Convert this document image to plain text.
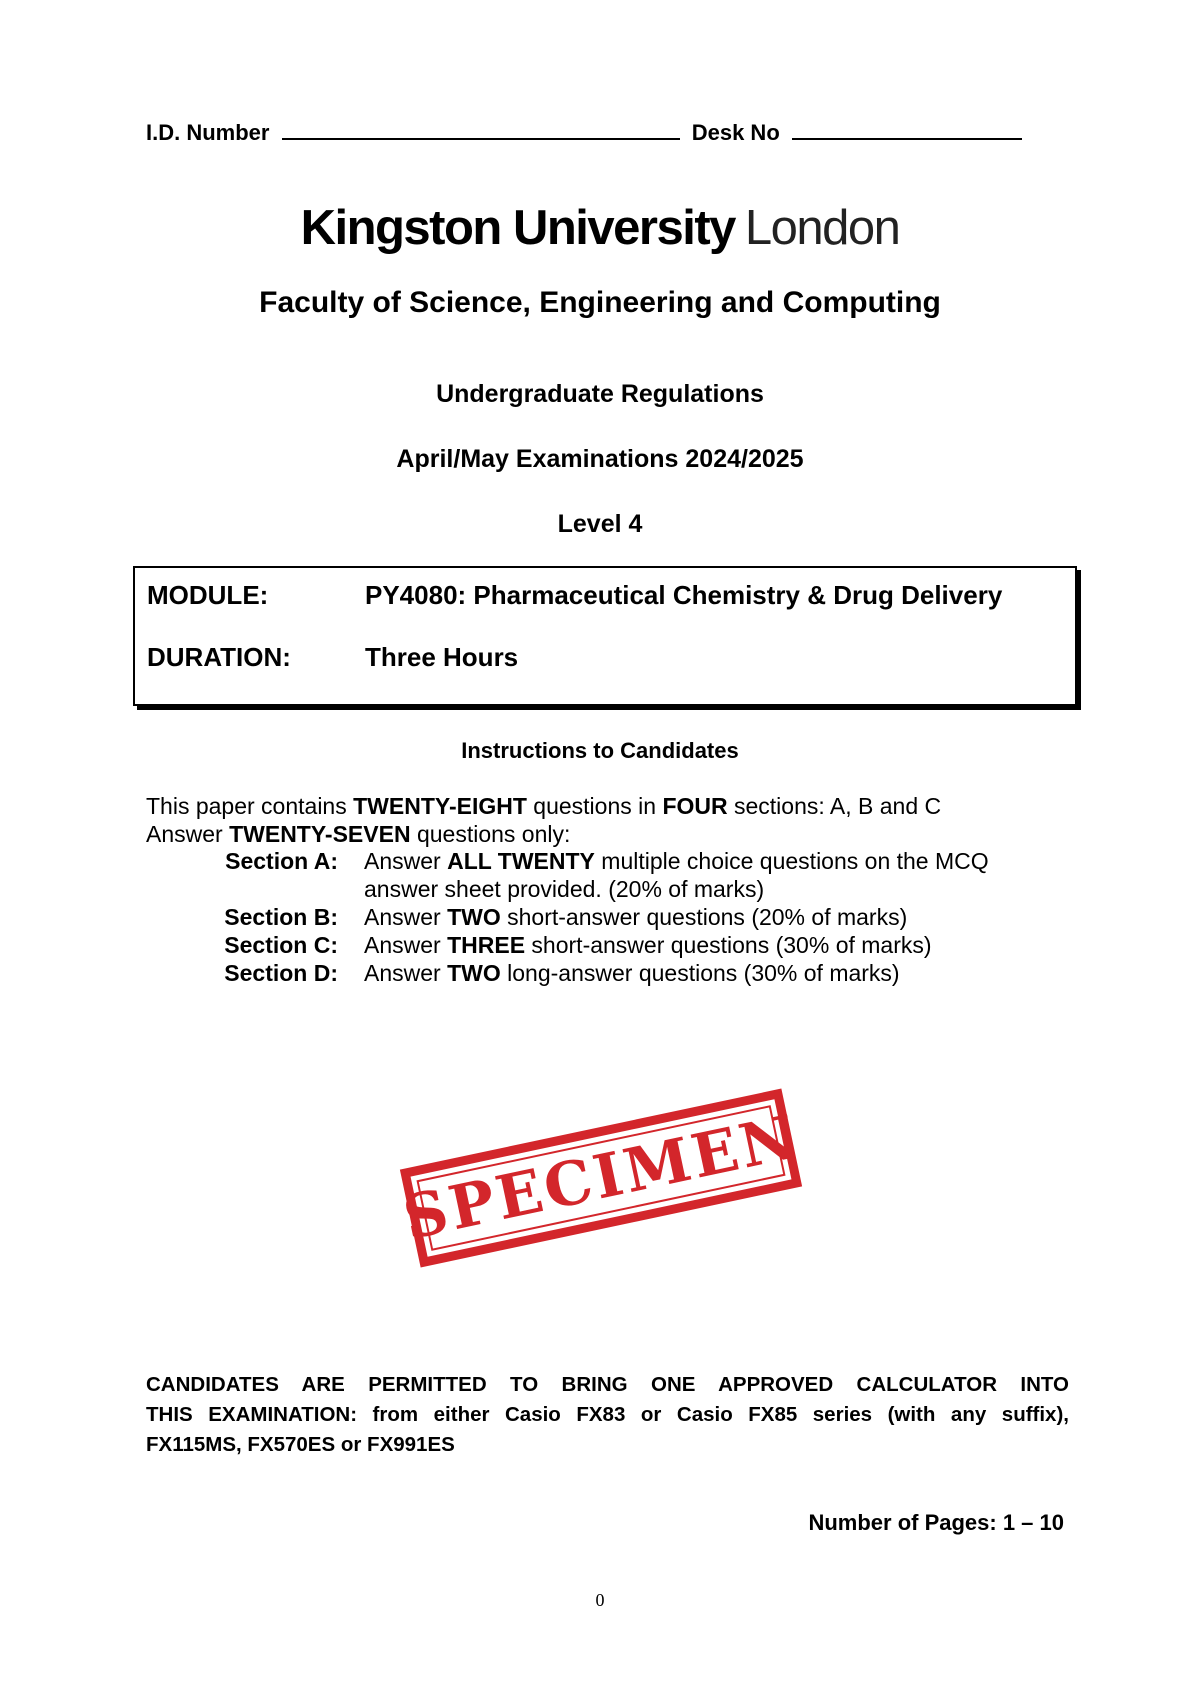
I.D. Number	Desk No
Kingston University London
Faculty of Science, Engineering and Computing
Undergraduate Regulations
April/May Examinations 2024/2025
Level 4
MODULE:	PY4080: Pharmaceutical Chemistry & Drug Delivery
DURATION:	Three Hours
Instructions to Candidates
This paper contains TWENTY-EIGHT questions in FOUR sections: A, B and C
Answer TWENTY-SEVEN questions only:
Section A: Answer ALL TWENTY multiple choice questions on the MCQ
answer sheet provided. (20% of marks)
Section B: Answer TWO short-answer questions (20% of marks)
Section C: Answer THREE short-answer questions (30% of marks)
Section D: Answer TWO long-answer questions (30% of marks)
SPECIMEN
CANDIDATES ARE PERMITTED TO BRING ONE APPROVED CALCULATOR INTO
THIS EXAMINATION: from either Casio FX83 or Casio FX85 series (with any suffix),
FX115MS, FX570ES or FX991ES
Number of Pages: 1 – 10
0
